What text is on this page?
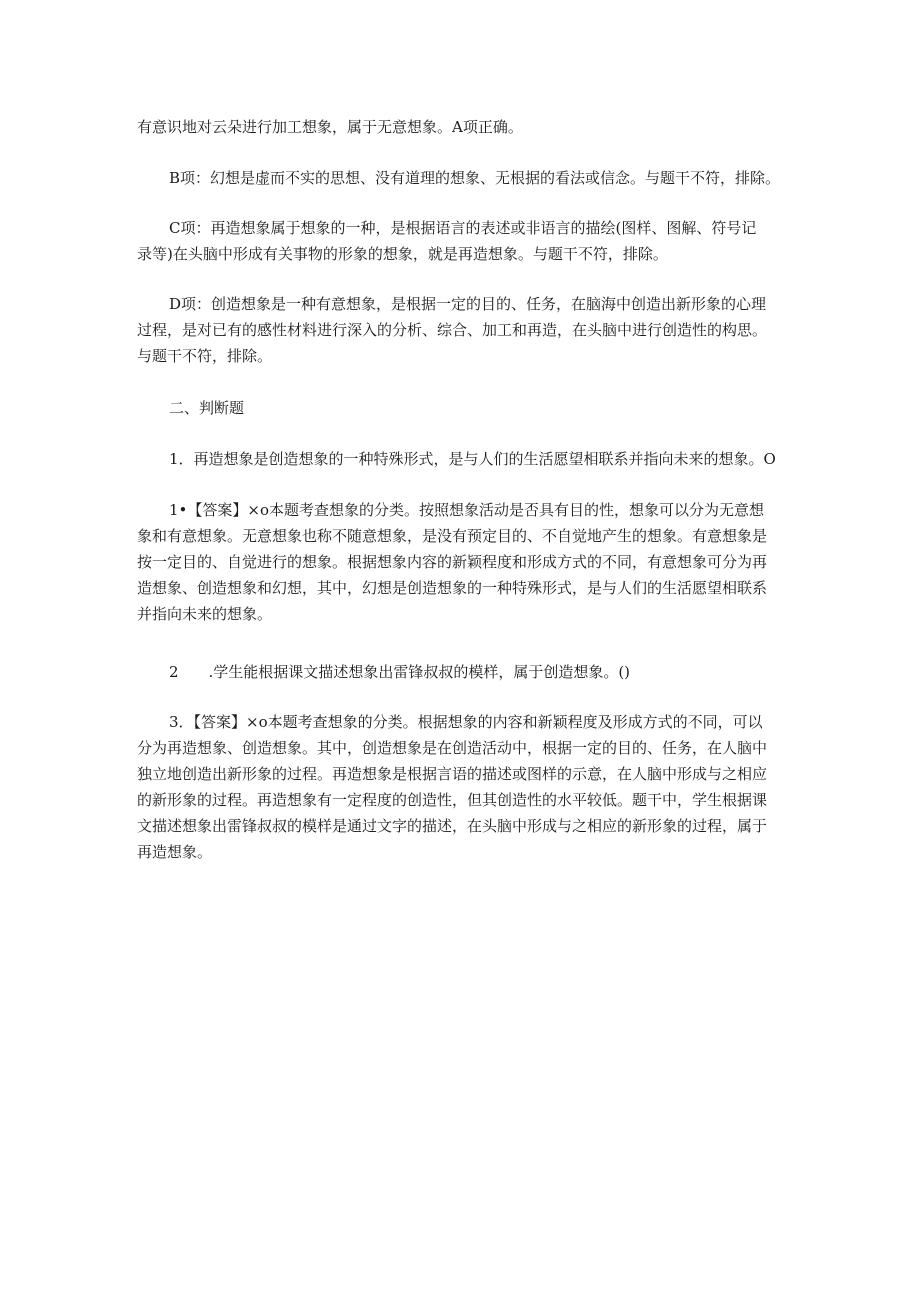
有意识地对云朵进行加工想象，属于无意想象。A项正确。

B项：幻想是虚而不实的思想、没有道理的想象、无根据的看法或信念。与题干不符，排除。

C项：再造想象属于想象的一种，是根据语言的表述或非语言的描绘(图样、图解、符号记
录等)在头脑中形成有关事物的形象的想象，就是再造想象。与题干不符，排除。

D项：创造想象是一种有意想象，是根据一定的目的、任务，在脑海中创造出新形象的心理
过程，是对已有的感性材料进行深入的分析、综合、加工和再造，在头脑中进行创造性的构思。
与题干不符，排除。

二、判断题

1．再造想象是创造想象的一种特殊形式，是与人们的生活愿望相联系并指向未来的想象。O

1•【答案】×o本题考查想象的分类。按照想象活动是否具有目的性，想象可以分为无意想
象和有意想象。无意想象也称不随意想象，是没有预定目的、不自觉地产生的想象。有意想象是
按一定目的、自觉进行的想象。根据想象内容的新颖程度和形成方式的不同，有意想象可分为再
造想象、创造想象和幻想，其中，幻想是创造想象的一种特殊形式，是与人们的生活愿望相联系
并指向未来的想象。

2　　.学生能根据课文描述想象出雷锋叔叔的模样，属于创造想象。()

3．【答案】×o本题考查想象的分类。根据想象的内容和新颖程度及形成方式的不同，可以
分为再造想象、创造想象。其中，创造想象是在创造活动中，根据一定的目的、任务，在人脑中
独立地创造出新形象的过程。再造想象是根据言语的描述或图样的示意，在人脑中形成与之相应
的新形象的过程。再造想象有一定程度的创造性，但其创造性的水平较低。题干中，学生根据课
文描述想象出雷锋叔叔的模样是通过文字的描述，在头脑中形成与之相应的新形象的过程，属于
再造想象。
